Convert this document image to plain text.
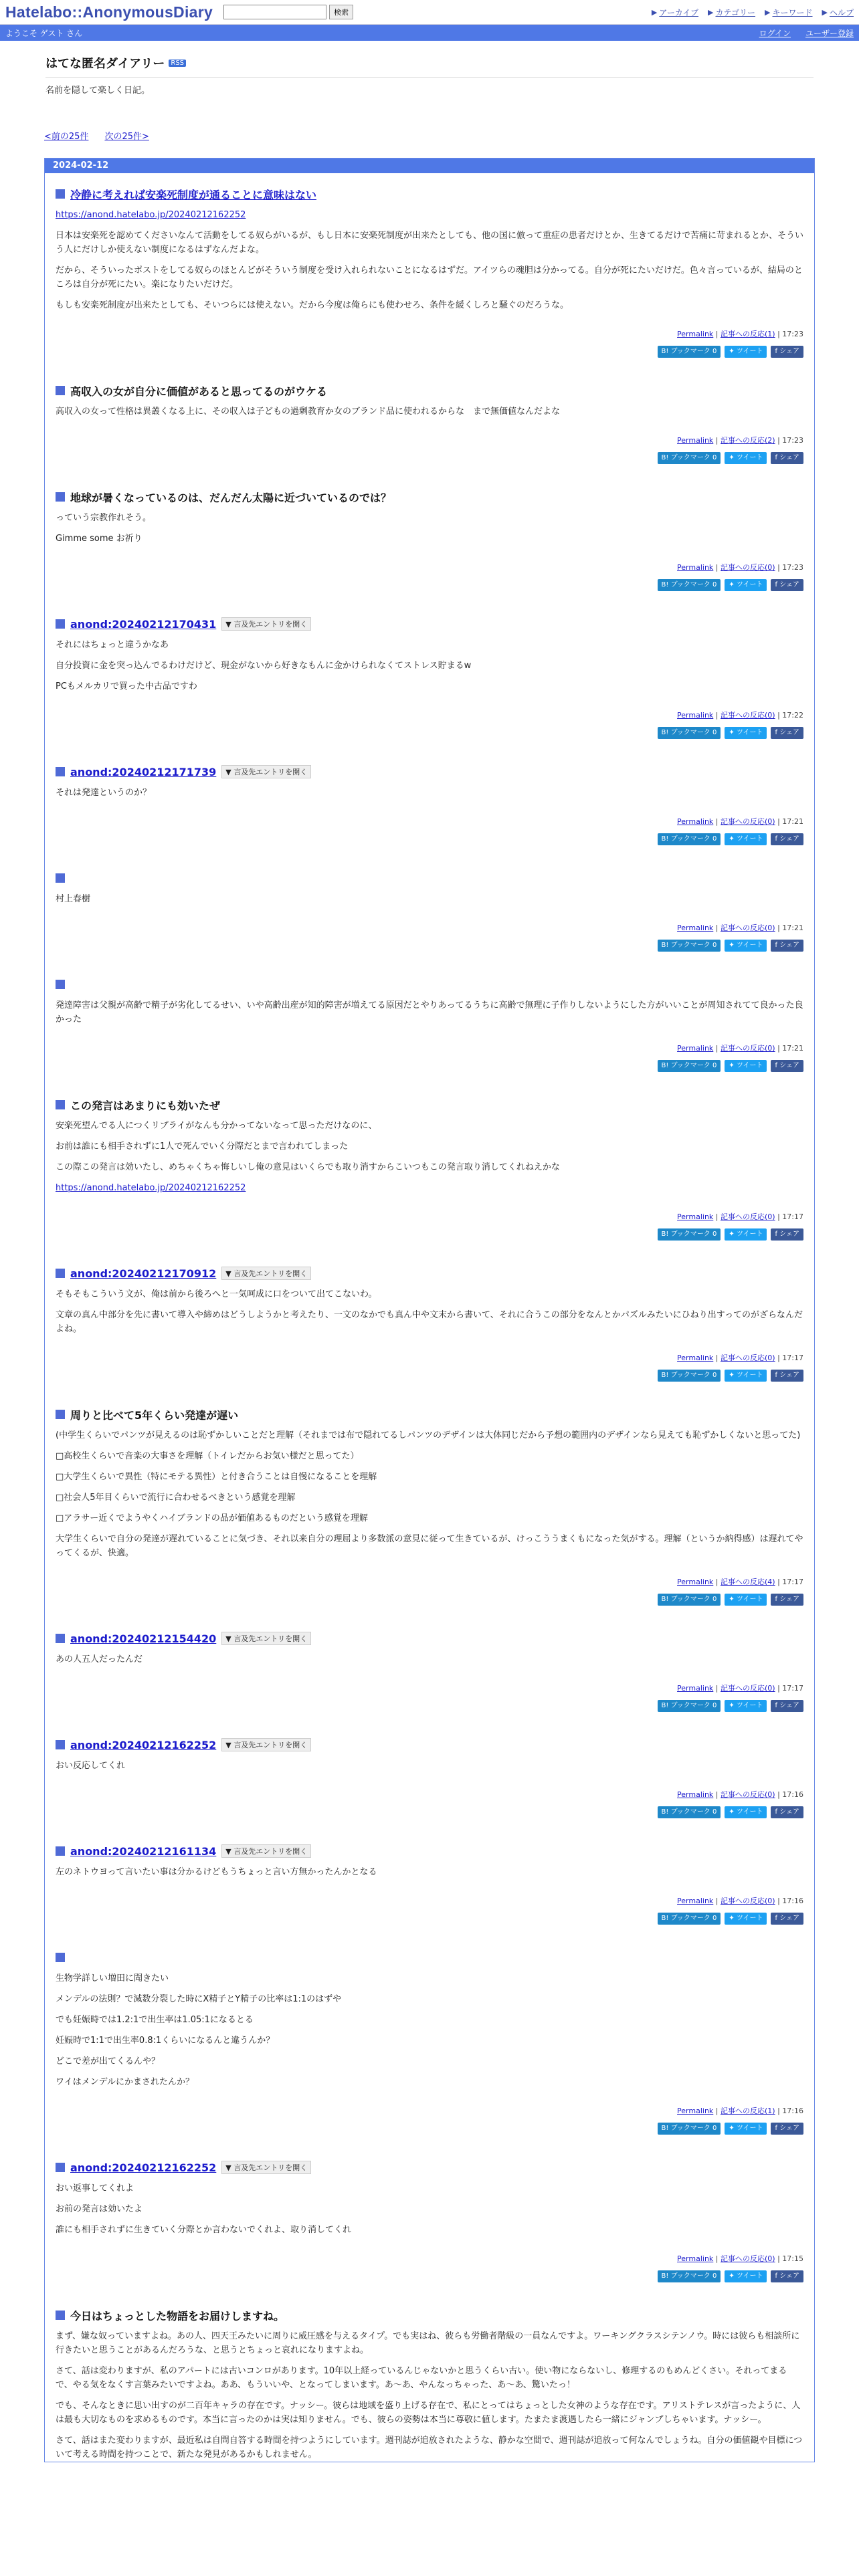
Hatelabo::AnonymousDiary	検索	▶ アーカイブ ▶ カテゴリー ▶ キーワード ▶ ヘルプ
ようこそ ゲスト さん	ログイン ユーザー登録
はてな匿名ダイアリー RSS

名前を隠して楽しく日記。

<前の25件 次の25件>
2024-02-12
冷静に考えれば安楽死制度が通ることに意味はない

https://anond.hatelabo.jp/20240212162252

日本は安楽死を認めてくださいなんて活動をしてる奴らがいるが、もし日本に安楽死制度が出来たとしても、他の国に倣って重症の患者だけとか、生きてるだけで苦痛に苛まれるとか、そういう人にだけしか使えない制度になるはずなんだよな。

だから、そういったポストをしてる奴らのほとんどがそういう制度を受け入れられないことになるはずだ。アイツらの魂胆は分かってる。自分が死にたいだけだ。色々言っているが、結局のところは自分が死にたい。楽になりたいだけだ。

もしも安楽死制度が出来たとしても、そいつらには使えない。だから今度は俺らにも使わせろ、条件を緩くしろと騒ぐのだろうな。

Permalink | 記事への反応(1) | 17:23
B! ブックマーク 0	✦ ツイート	f シェア
高収入の女が自分に価値があると思ってるのがウケる

高収入の女って性格は異叢くなる上に、その収入は子どもの過剰教育か女のブランド品に使われるからな　まで無価値なんだよな

Permalink | 記事への反応(2) | 17:23
B! ブックマーク 0	✦ ツイート	f シェア
地球が暑くなっているのは、だんだん太陽に近づいているのでは？

っていう宗教作れそう。

Gimme some お祈り

Permalink | 記事への反応(0) | 17:23
B! ブックマーク 0	✦ ツイート	f シェア
anond:20240212170431	▼ 言及先エントリを開く

それにはちょっと違うかなあ

自分投資に金を突っ込んでるわけだけど、現金がないから好きなもんに金かけられなくてストレス貯まるw

PCもメルカリで買った中古品ですわ

Permalink | 記事への反応(0) | 17:22
B! ブックマーク 0	✦ ツイート	f シェア
anond:20240212171739	▼ 言及先エントリを開く

それは発達というのか？

Permalink | 記事への反応(0) | 17:21
B! ブックマーク 0	✦ ツイート	f シェア

村上春樹

Permalink | 記事への反応(0) | 17:21
B! ブックマーク 0	✦ ツイート	f シェア

発達障害は父親が高齢で精子が劣化してるせい、いや高齢出産が知的障害が増えてる原因だとやりあってるうちに高齢で無理に子作りしないようにした方がいいことが周知されてて良かった良かった

Permalink | 記事への反応(0) | 17:21
B! ブックマーク 0	✦ ツイート	f シェア
この発言はあまりにも効いたぜ

安楽死望んでる人につくリプライがなんも分かってないなって思っただけなのに、

お前は誰にも相手されずに1人で死んでいく分際だとまで言われてしまった

この際この発言は効いたし、めちゃくちゃ悔しいし俺の意見はいくらでも取り消すからこいつもこの発言取り消してくれねえかな

https://anond.hatelabo.jp/20240212162252

Permalink | 記事への反応(0) | 17:17
B! ブックマーク 0	✦ ツイート	f シェア
anond:20240212170912	▼ 言及先エントリを開く

そもそもこういう文が、俺は前から後ろへと一気呵成に口をついて出てこないわ。

文章の真ん中部分を先に書いて導入や締めはどうしようかと考えたり、一文のなかでも真ん中や文末から書いて、それに合うこの部分をなんとかパズルみたいにひねり出すってのがざらなんだよね。

Permalink | 記事への反応(0) | 17:17
B! ブックマーク 0	✦ ツイート	f シェア
周りと比べて5年くらい発達が遅い

(中学生くらいでパンツが見えるのは恥ずかしいことだと理解（それまでは布で隠れてるしパンツのデザインは大体同じだから予想の範囲内のデザインなら見えても恥ずかしくないと思ってた)

□高校生くらいで音楽の大事さを理解（トイレだからお気い様だと思ってた）

□大学生くらいで異性（特にモテる異性）と付き合うことは自慢になることを理解

□社会人5年目くらいで流行に合わせるべきという感覚を理解

□アラサー近くでようやくハイブランドの品が価値あるものだという感覚を理解

大学生くらいで自分の発達が遅れていることに気づき、それ以来自分の理屈より多数派の意見に従って生きているが、けっこううまくもになった気がする。理解（というか納得感）は遅れてやってくるが、快適。

Permalink | 記事への反応(4) | 17:17
B! ブックマーク 0	✦ ツイート	f シェア
anond:20240212154420	▼ 言及先エントリを開く

あの人五人だったんだ

Permalink | 記事への反応(0) | 17:17
B! ブックマーク 0	✦ ツイート	f シェア
anond:20240212162252	▼ 言及先エントリを開く

おい反応してくれ

Permalink | 記事への反応(0) | 17:16
B! ブックマーク 0	✦ ツイート	f シェア
anond:20240212161134	▼ 言及先エントリを開く

左のネトウヨって言いたい事は分かるけどもうちょっと言い方無かったんかとなる

Permalink | 記事への反応(0) | 17:16
B! ブックマーク 0	✦ ツイート	f シェア

生物学詳しい増田に聞きたい

メンデルの法則？で減数分裂した時にX精子とY精子の比率は1:1のはずや

でも妊娠時では1.2:1で出生率は1.05:1になるとる

妊娠時で1:1で出生率0.8:1くらいになるんと違うんか？

どこで差が出てくるんや？

ワイはメンデルにかまされたんか？

Permalink | 記事への反応(1) | 17:16
B! ブックマーク 0	✦ ツイート	f シェア
anond:20240212162252	▼ 言及先エントリを開く

おい返事してくれよ

お前の発言は効いたよ

誰にも相手されずに生きていく分際とか言わないでくれよ、取り消してくれ

Permalink | 記事への反応(0) | 17:15
B! ブックマーク 0	✦ ツイート	f シェア
今日はちょっとした物語をお届けしますね。

まず、嫌な奴っていますよね。あの人、四天王みたいに周りに威圧感を与えるタイプ。でも実はね、彼らも労働者階級の一員なんですよ。ワーキングクラスシテンノウ。時には彼らも相談所に行きたいと思うことがあるんだろうな、と思うとちょっと哀れになりますよね。

さて、話は変わりますが、私のアパートには古いコンロがあります。10年以上経っているんじゃないかと思うくらい古い。使い物にならないし、修理するのもめんどくさい。それってまるで、やる気をなくす言葉みたいですよね。ああ、もういいや、となってしまいます。あ〜あ、やんなっちゃった、あ〜あ、驚いたっ！

でも、そんなときに思い出すのが二百年キャラの存在です。ナッシー。彼らは地域を盛り上げる存在で、私にとってはちょっとした女神のような存在です。アリストテレスが言ったように、人は最も大切なものを求めるものです。本当に言ったのかは実は知りません。でも、彼らの姿勢は本当に尊敬に値します。たまたま渡遇したら一緒にジャンプしちゃいます。ナッシー。

さて、話はまた変わりますが、最近私は自問自答する時間を持つようにしています。週刊誌が追放されたような、静かな空間で、週刊誌が追放って何なんでしょうね。自分の価値観や目標について考える時間を持つことで、新たな発見があるかもしれません。
